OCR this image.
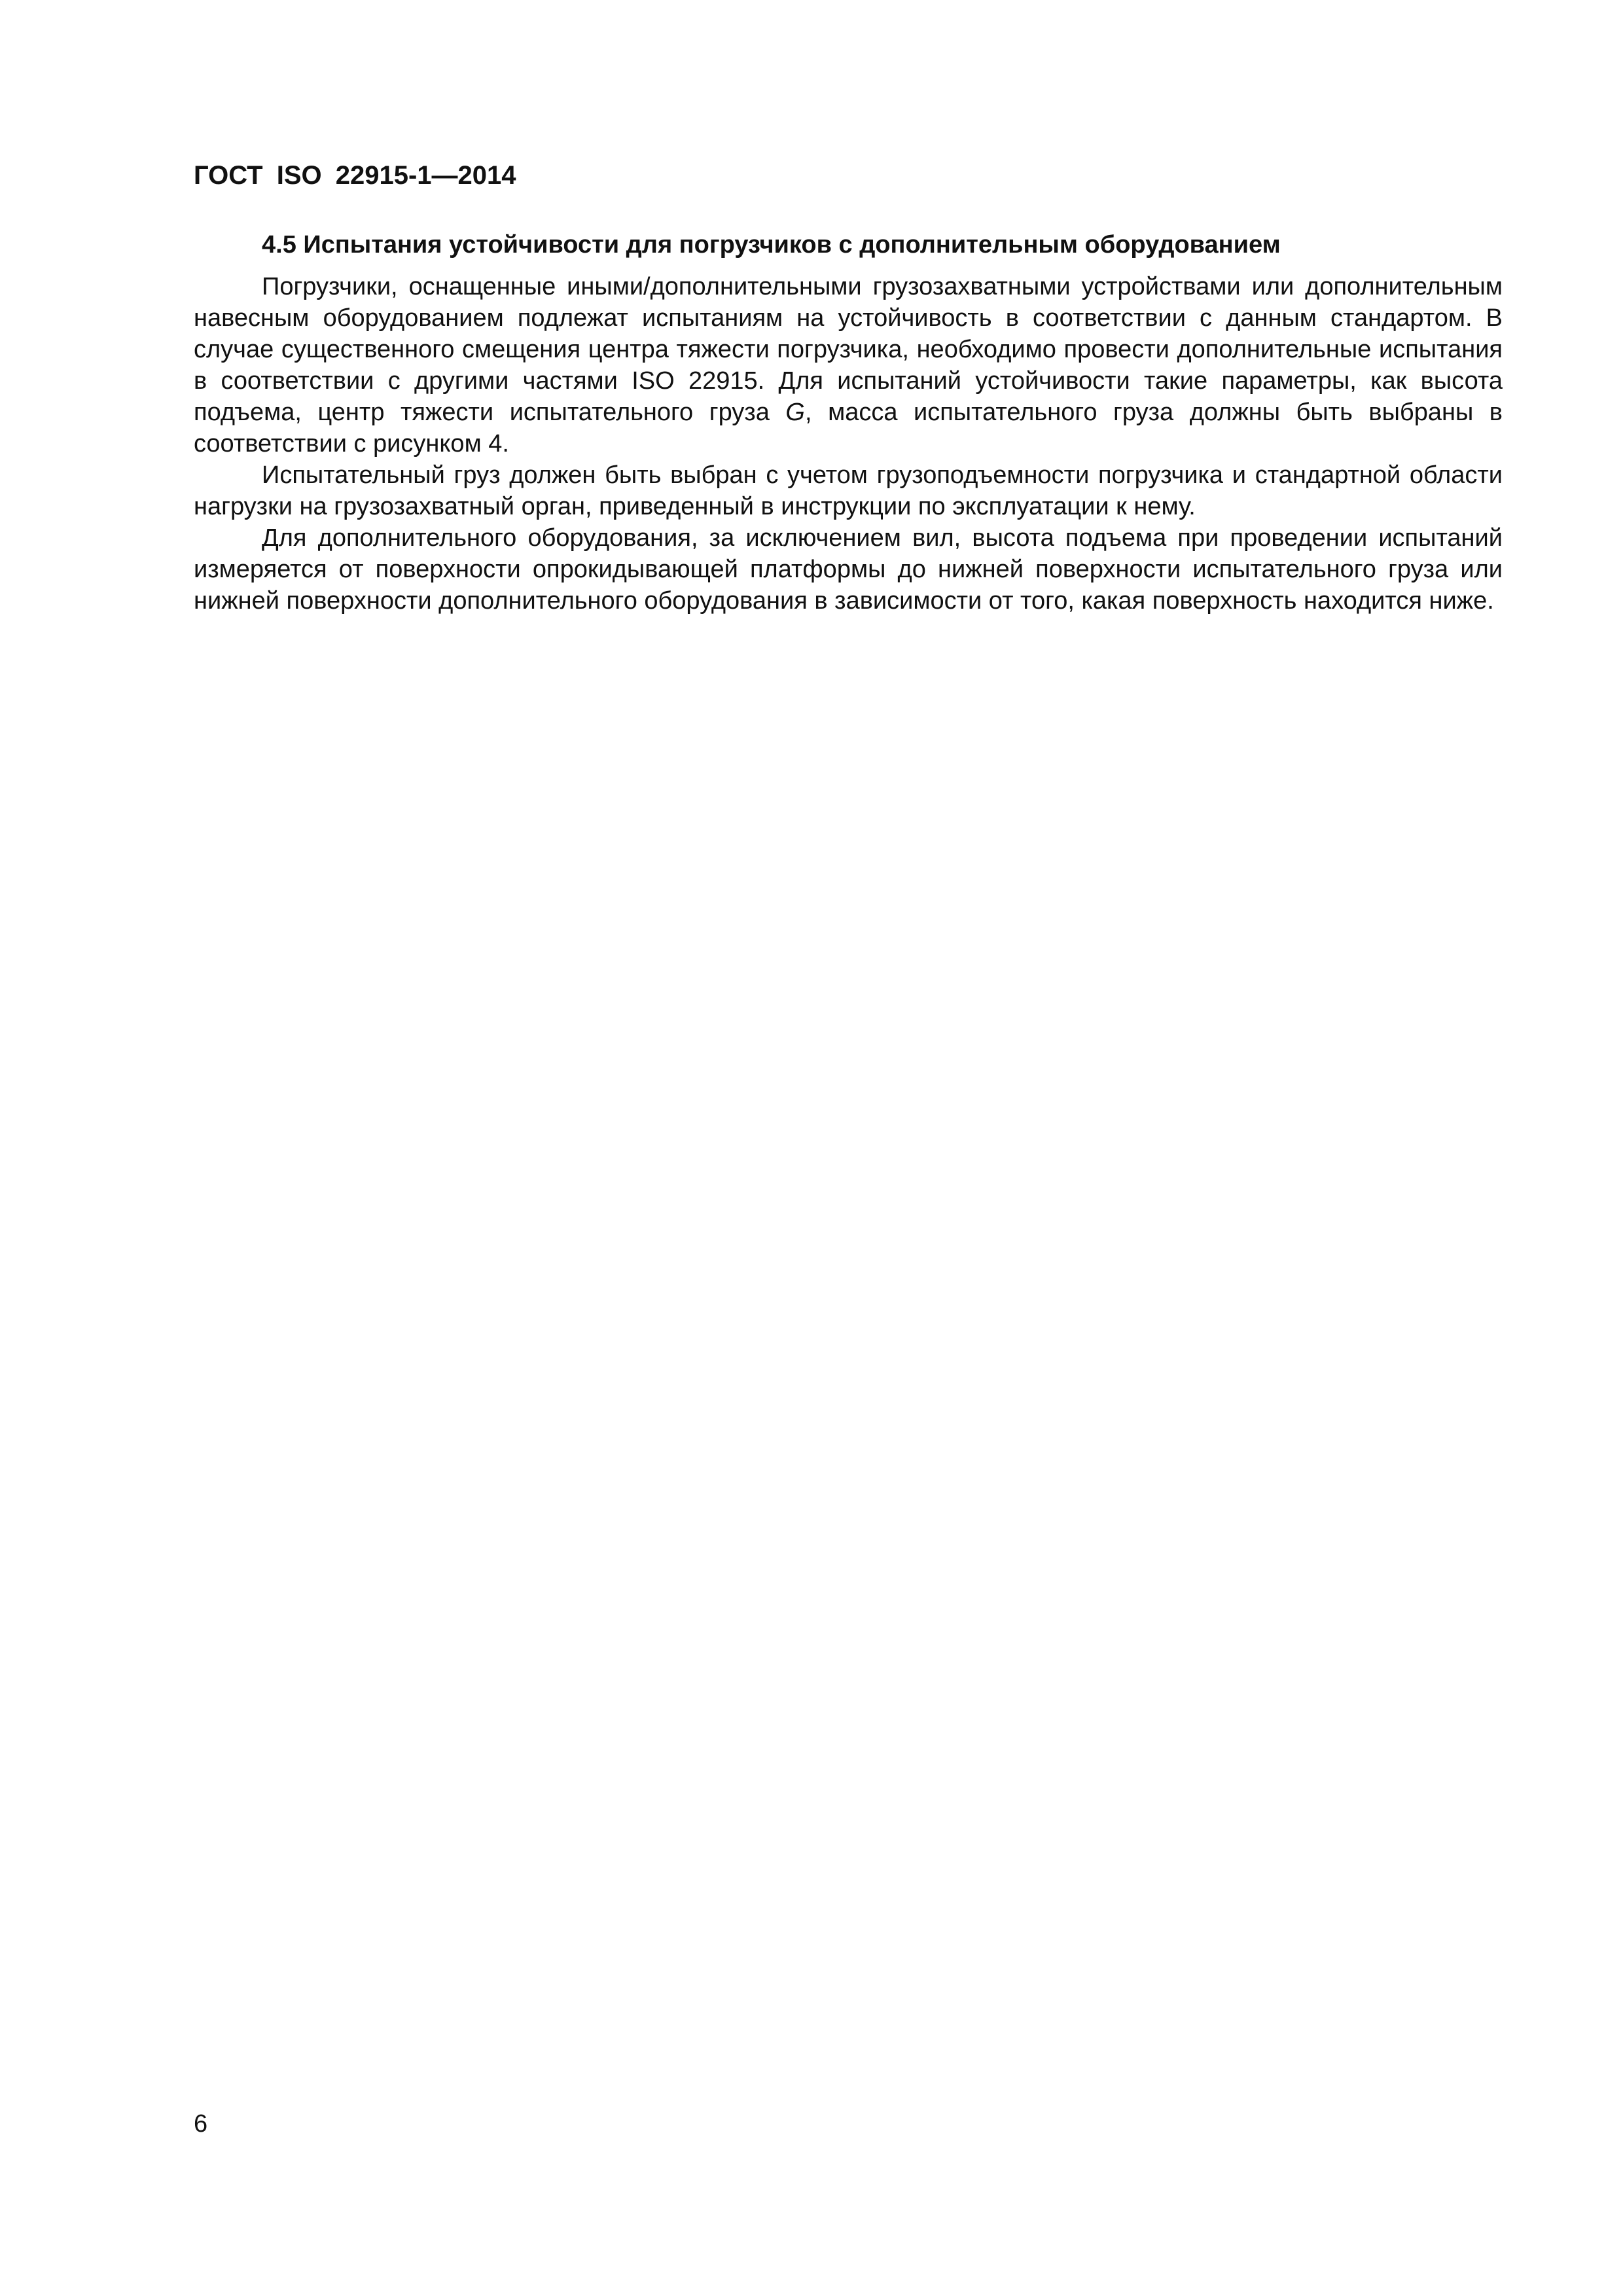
ГОСТ ISO 22915-1—2014
4.5 Испытания устойчивости для погрузчиков с дополнительным оборудованием

Погрузчики, оснащенные иными/дополнительными грузозахватными устройствами или дополнительным навесным оборудованием подлежат испытаниям на устойчивость в соответствии с данным стандартом. В случае существенного смещения центра тяжести погрузчика, необходимо провести дополнительные испытания в соответствии с другими частями ISO 22915. Для испытаний устойчивости такие параметры, как высота подъема, центр тяжести испытательного груза G, масса испытательного груза должны быть выбраны в соответствии с рисунком 4.

Испытательный груз должен быть выбран с учетом грузоподъемности погрузчика и стандартной области нагрузки на грузозахватный орган, приведенный в инструкции по эксплуатации к нему.

Для дополнительного оборудования, за исключением вил, высота подъема при проведении испытаний измеряется от поверхности опрокидывающей платформы до нижней поверхности испытательного груза или нижней поверхности дополнительного оборудования в зависимости от того, какая поверхность находится ниже.

6
